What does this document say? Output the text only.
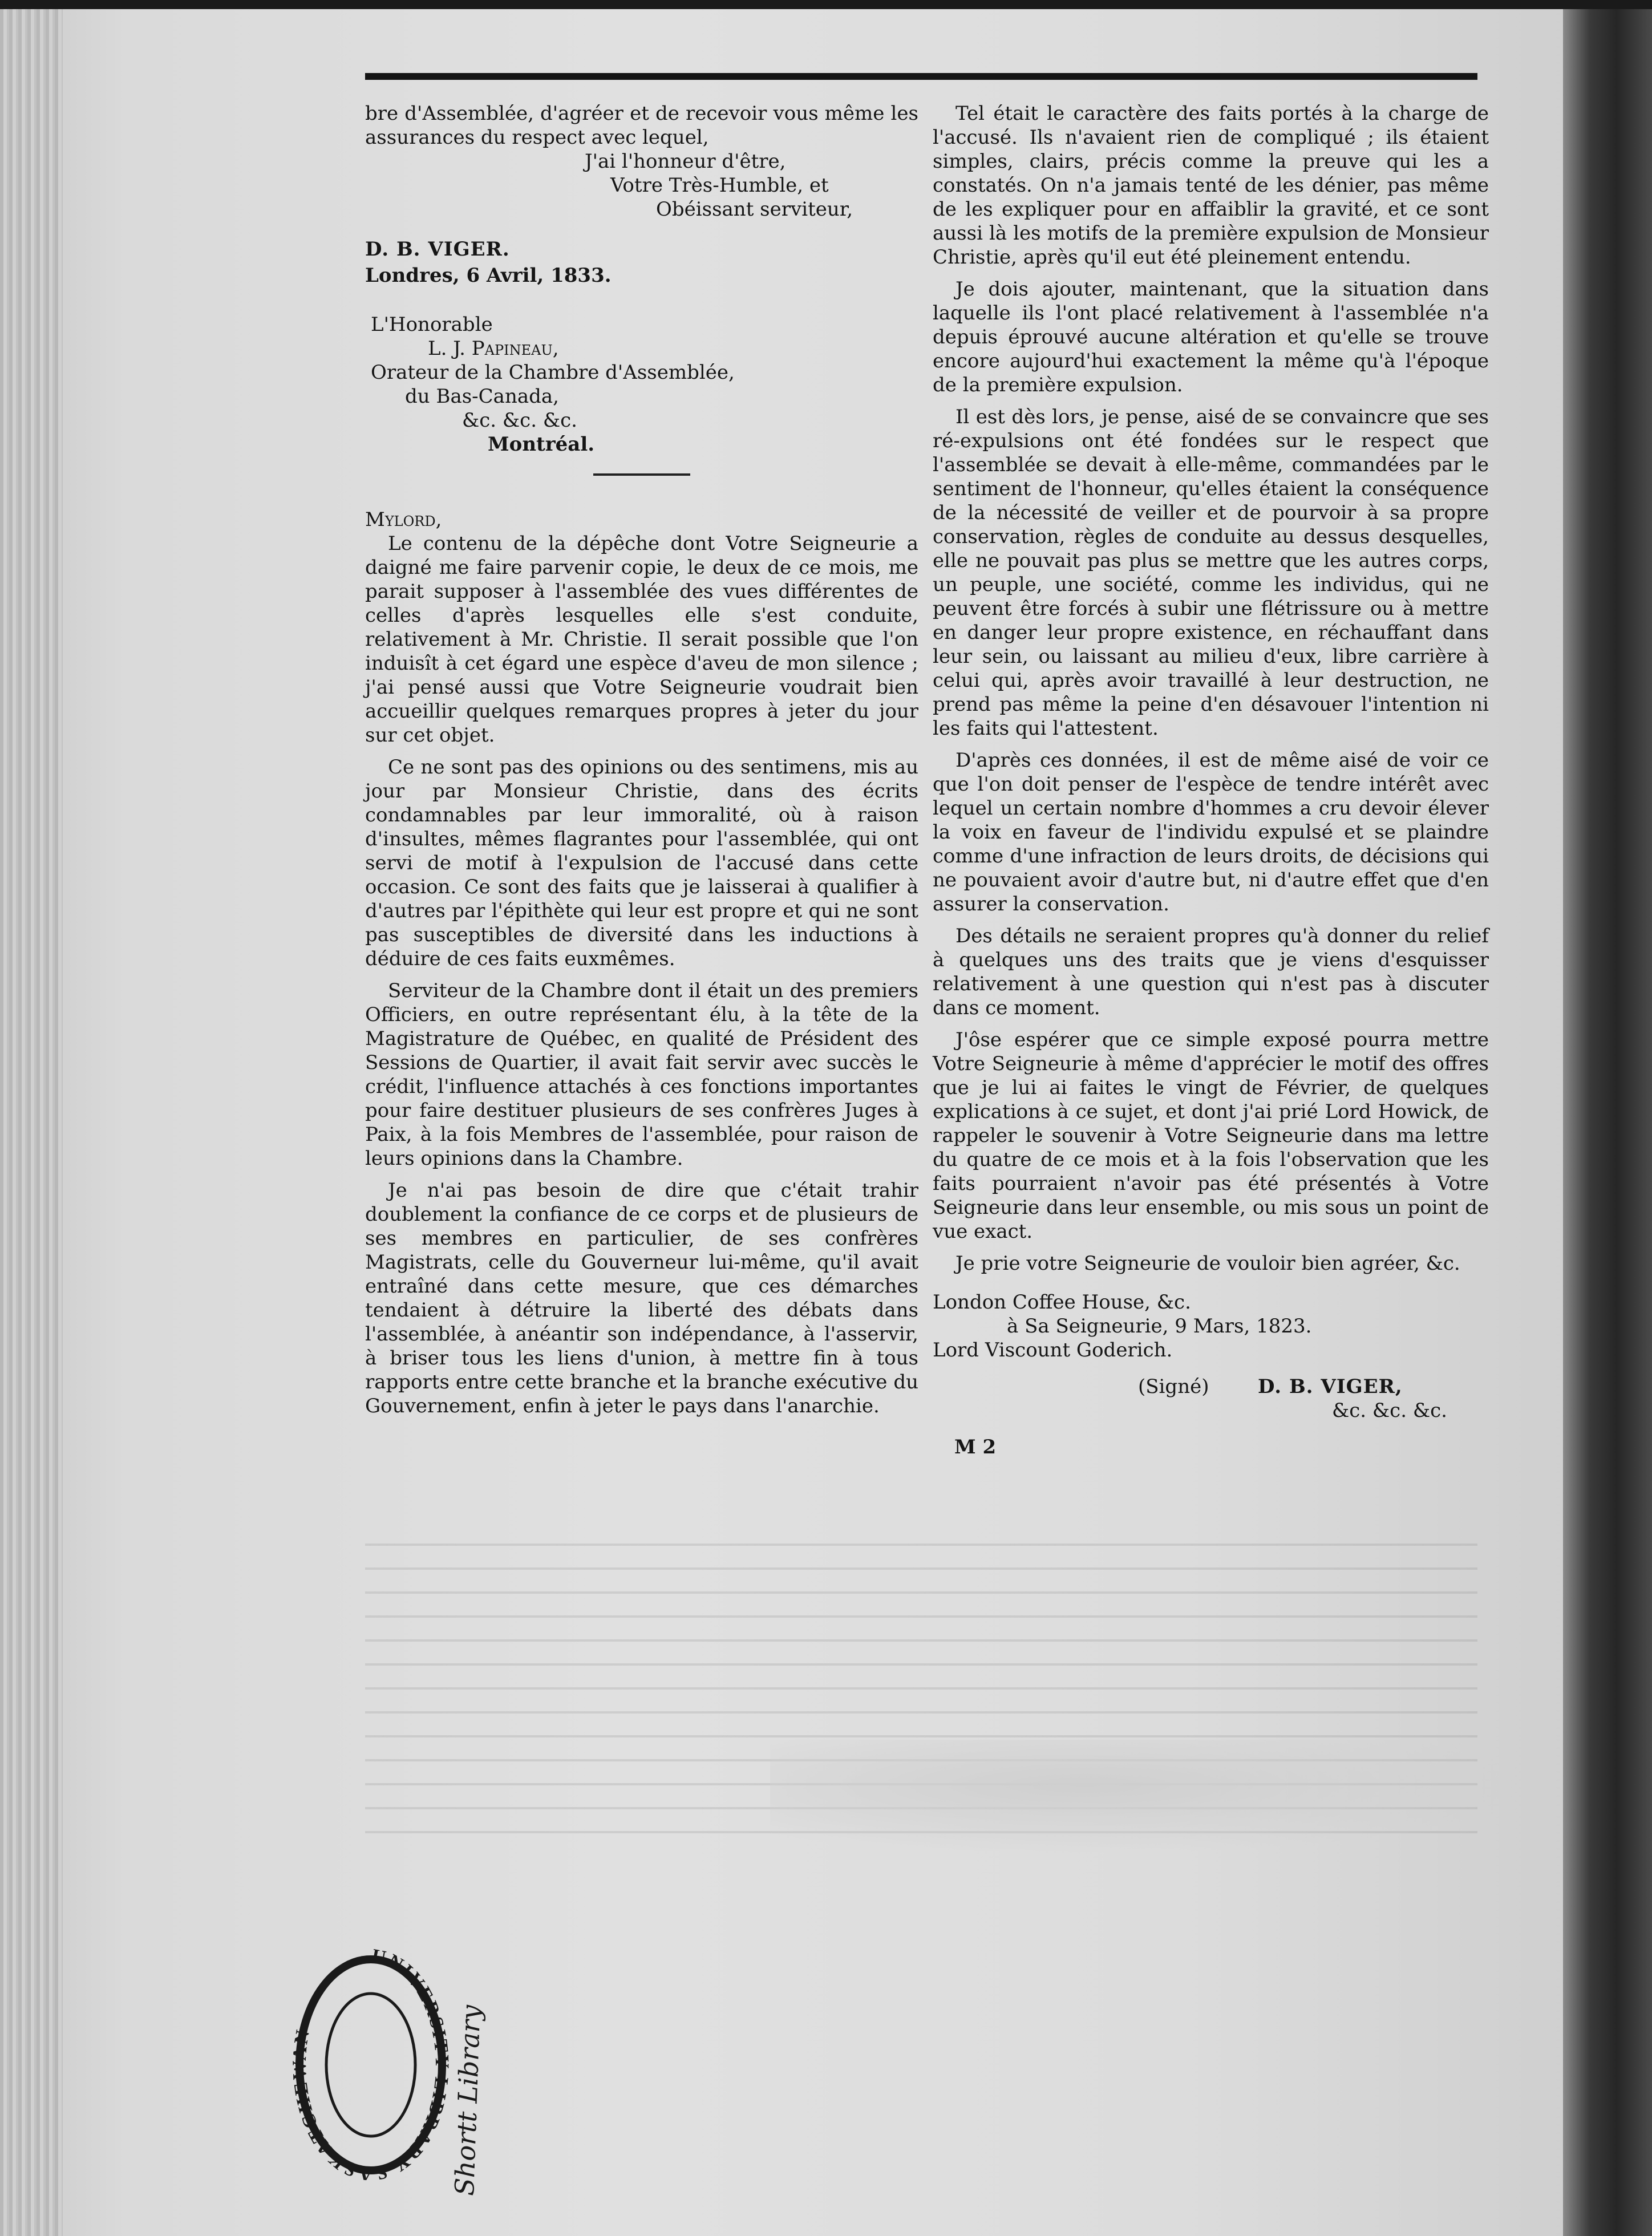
bre d'Assemblée, d'agréer et de recevoir vous même les assurances du respect avec lequel,

J'ai l'honneur d'être,

Votre Très-Humble, et

Obéissant serviteur,

D. B. VIGER.

Londres, 6 Avril, 1833.

L'Honorable

L. J. Papineau,

Orateur de la Chambre d'Assemblée,

du Bas-Canada,

&c. &c. &c.

Montréal.

Mylord,

Le contenu de la dépêche dont Votre Seigneurie a daigné me faire parvenir copie, le deux de ce mois, me parait supposer à l'assemblée des vues différentes de celles d'après lesquelles elle s'est conduite, relativement à Mr. Christie. Il serait possible que l'on induisît à cet égard une espèce d'aveu de mon silence ; j'ai pensé aussi que Votre Seigneurie voudrait bien accueillir quelques remarques propres à jeter du jour sur cet objet.

Ce ne sont pas des opinions ou des sentimens, mis au jour par Monsieur Christie, dans des écrits condamnables par leur immoralité, où à raison d'insultes, mêmes flagrantes pour l'assemblée, qui ont servi de motif à l'expulsion de l'accusé dans cette occasion. Ce sont des faits que je laisserai à qualifier à d'autres par l'épithète qui leur est propre et qui ne sont pas susceptibles de diversité dans les inductions à déduire de ces faits euxmêmes.

Serviteur de la Chambre dont il était un des premiers Officiers, en outre représentant élu, à la tête de la Magistrature de Québec, en qualité de Président des Sessions de Quartier, il avait fait servir avec succès le crédit, l'influence attachés à ces fonctions importantes pour faire destituer plusieurs de ses confrères Juges à Paix, à la fois Membres de l'assemblée, pour raison de leurs opinions dans la Chambre.

Je n'ai pas besoin de dire que c'était trahir doublement la confiance de ce corps et de plusieurs de ses membres en particulier, de ses confrères Magistrats, celle du Gouverneur lui-même, qu'il avait entraîné dans cette mesure, que ces démarches tendaient à détruire la liberté des débats dans l'assemblée, à anéantir son indépendance, à l'asservir, à briser tous les liens d'union, à mettre fin à tous rapports entre cette branche et la branche exécutive du Gouvernement, enfin à jeter le pays dans l'anarchie.

Tel était le caractère des faits portés à la charge de l'accusé. Ils n'avaient rien de compliqué ; ils étaient simples, clairs, précis comme la preuve qui les a constatés. On n'a jamais tenté de les dénier, pas même de les expliquer pour en affaiblir la gravité, et ce sont aussi là les motifs de la première expulsion de Monsieur Christie, après qu'il eut été pleinement entendu.

Je dois ajouter, maintenant, que la situation dans laquelle ils l'ont placé relativement à l'assemblée n'a depuis éprouvé aucune altération et qu'elle se trouve encore aujourd'hui exactement la même qu'à l'époque de la première expulsion.

Il est dès lors, je pense, aisé de se convaincre que ses ré-expulsions ont été fondées sur le respect que l'assemblée se devait à elle-même, commandées par le sentiment de l'honneur, qu'elles étaient la conséquence de la nécessité de veiller et de pourvoir à sa propre conservation, règles de conduite au dessus desquelles, elle ne pouvait pas plus se mettre que les autres corps, un peuple, une société, comme les individus, qui ne peuvent être forcés à subir une flétrissure ou à mettre en danger leur propre existence, en réchauffant dans leur sein, ou laissant au milieu d'eux, libre carrière à celui qui, après avoir travaillé à leur destruction, ne prend pas même la peine d'en désavouer l'intention ni les faits qui l'attestent.

D'après ces données, il est de même aisé de voir ce que l'on doit penser de l'espèce de tendre intérêt avec lequel un certain nombre d'hommes a cru devoir élever la voix en faveur de l'individu expulsé et se plaindre comme d'une infraction de leurs droits, de décisions qui ne pouvaient avoir d'autre but, ni d'autre effet que d'en assurer la conservation.

Des détails ne seraient propres qu'à donner du relief à quelques uns des traits que je viens d'esquisser relativement à une question qui n'est pas à discuter dans ce moment.

J'ôse espérer que ce simple exposé pourra mettre Votre Seigneurie à même d'apprécier le motif des offres que je lui ai faites le vingt de Février, de quelques explications à ce sujet, et dont j'ai prié Lord Howick, de rappeler le souvenir à Votre Seigneurie dans ma lettre du quatre de ce mois et à la fois l'observation que les faits pourraient n'avoir pas été présentés à Votre Seigneurie dans leur ensemble, ou mis sous un point de vue exact.

Je prie votre Seigneurie de vouloir bien agréer, &c.

London Coffee House, &c.

à Sa Seigneurie, 9 Mars, 1823.

Lord Viscount Goderich.

(Signé)	D. B. VIGER,

&c. &c. &c.

M 2

UNIVERSITY LIBRARY SASKATCHEWAN	Shortt Library
